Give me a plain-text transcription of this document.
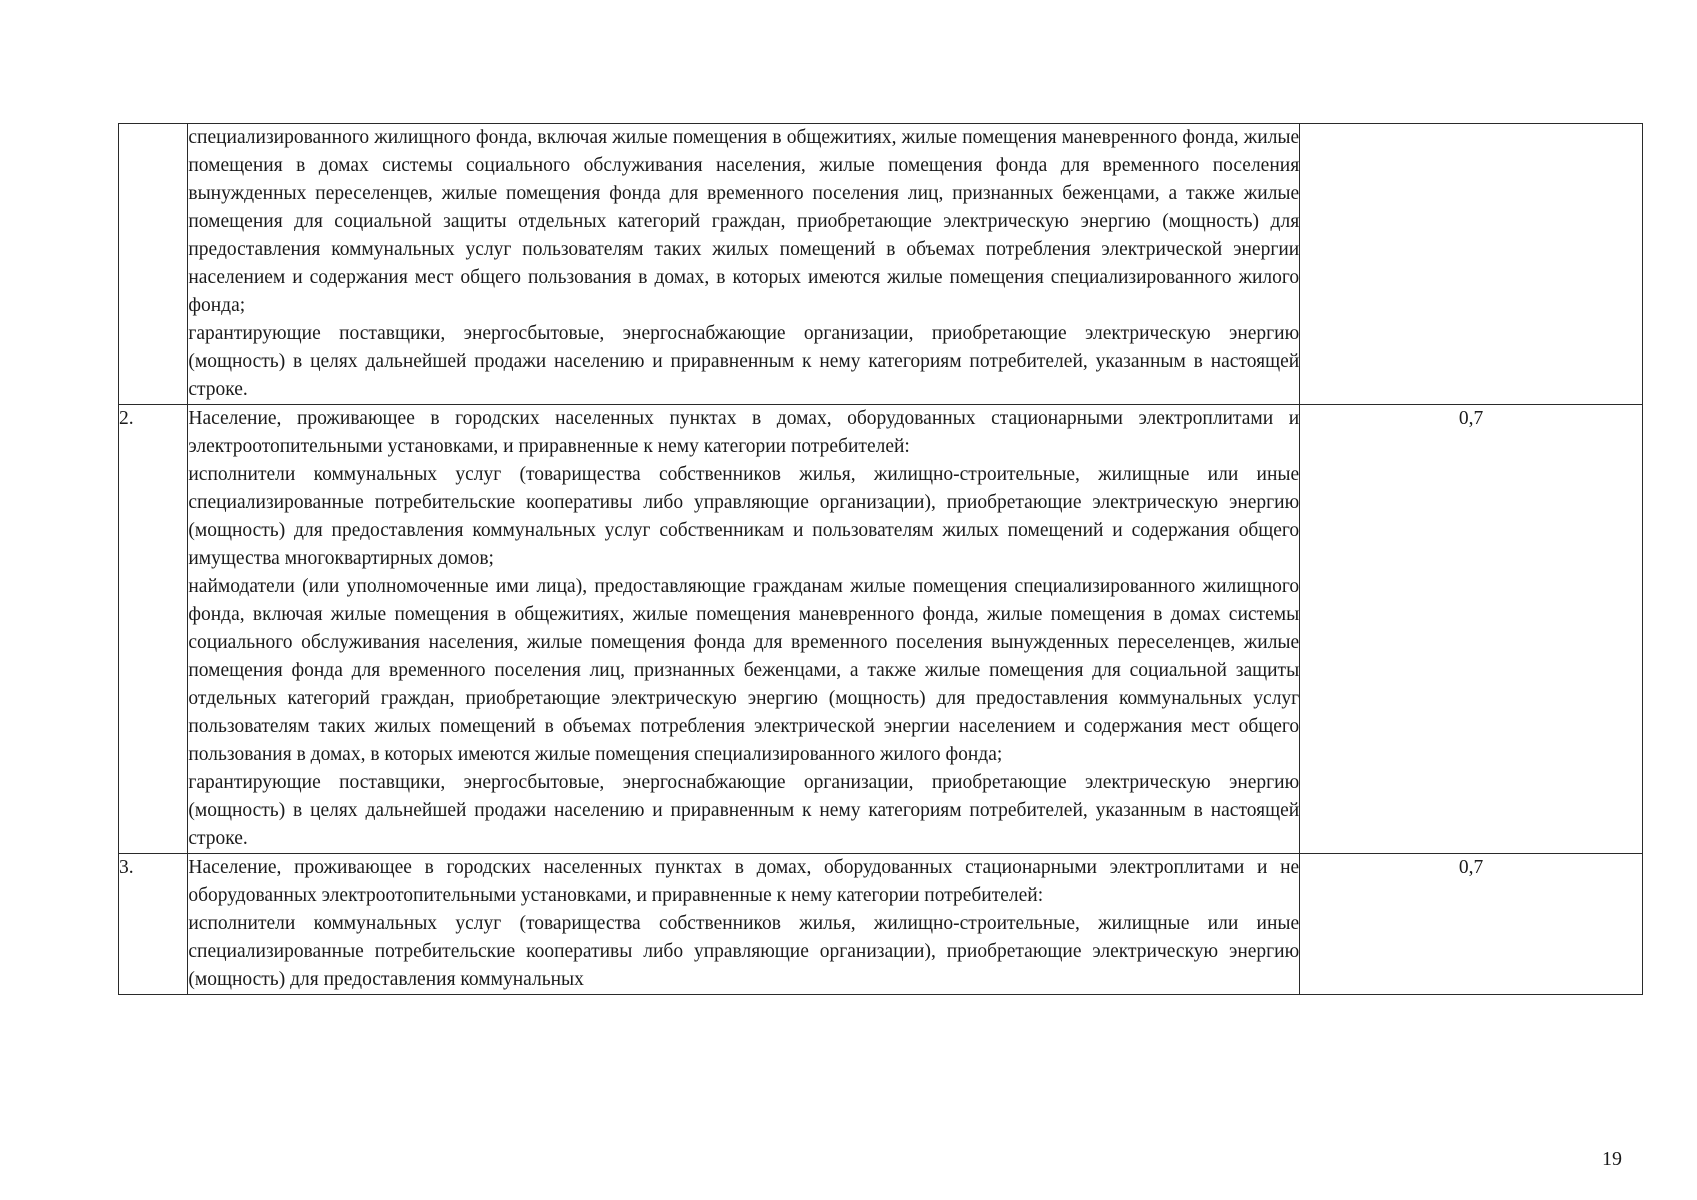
	специализированного жилищного фонда, включая жилые помещения в общежитиях, жилые помещения маневренного фонда, жилые помещения в домах системы социального обслуживания населения, жилые помещения фонда для временного поселения вынужденных переселенцев, жилые помещения фонда для временного поселения лиц, признанных беженцами, а также жилые помещения для социальной защиты отдельных категорий граждан, приобретающие электрическую энергию (мощность) для предоставления коммунальных услуг пользователям таких жилых помещений в объемах потребления электрической энергии населением и содержания мест общего пользования в домах, в которых имеются жилые помещения специализированного жилого фонда;
гарантирующие поставщики, энергосбытовые, энергоснабжающие организации, приобретающие электрическую энергию (мощность) в целях дальнейшей продажи населению и приравненным к нему категориям потребителей, указанным в настоящей строке.	

2.	Население, проживающее в городских населенных пунктах в домах, оборудованных стационарными электроплитами и электроотопительными установками, и приравненные к нему категории потребителей:
исполнители коммунальных услуг (товарищества собственников жилья, жилищно-строительные, жилищные или иные специализированные потребительские кооперативы либо управляющие организации), приобретающие электрическую энергию (мощность) для предоставления коммунальных услуг собственникам и пользователям жилых помещений и содержания общего имущества многоквартирных домов;
наймодатели (или уполномоченные ими лица), предоставляющие гражданам жилые помещения специализированного жилищного фонда, включая жилые помещения в общежитиях, жилые помещения маневренного фонда, жилые помещения в домах системы социального обслуживания населения, жилые помещения фонда для временного поселения вынужденных переселенцев, жилые помещения фонда для временного поселения лиц, признанных беженцами, а также жилые помещения для социальной защиты отдельных категорий граждан, приобретающие электрическую энергию (мощность) для предоставления коммунальных услуг пользователям таких жилых помещений в объемах потребления электрической энергии населением и содержания мест общего пользования в домах, в которых имеются жилые помещения специализированного жилого фонда;
гарантирующие поставщики, энергосбытовые, энергоснабжающие организации, приобретающие электрическую энергию (мощность) в целях дальнейшей продажи населению и приравненным к нему категориям потребителей, указанным в настоящей строке.	0,7
3.	Население, проживающее в городских населенных пунктах в домах, оборудованных стационарными электроплитами и не оборудованных электроотопительными установками, и приравненные к нему категории потребителей:
исполнители коммунальных услуг (товарищества собственников жилья, жилищно-строительные, жилищные или иные специализированные потребительские кооперативы либо управляющие организации), приобретающие электрическую энергию (мощность) для предоставления коммунальных	0,7
19
